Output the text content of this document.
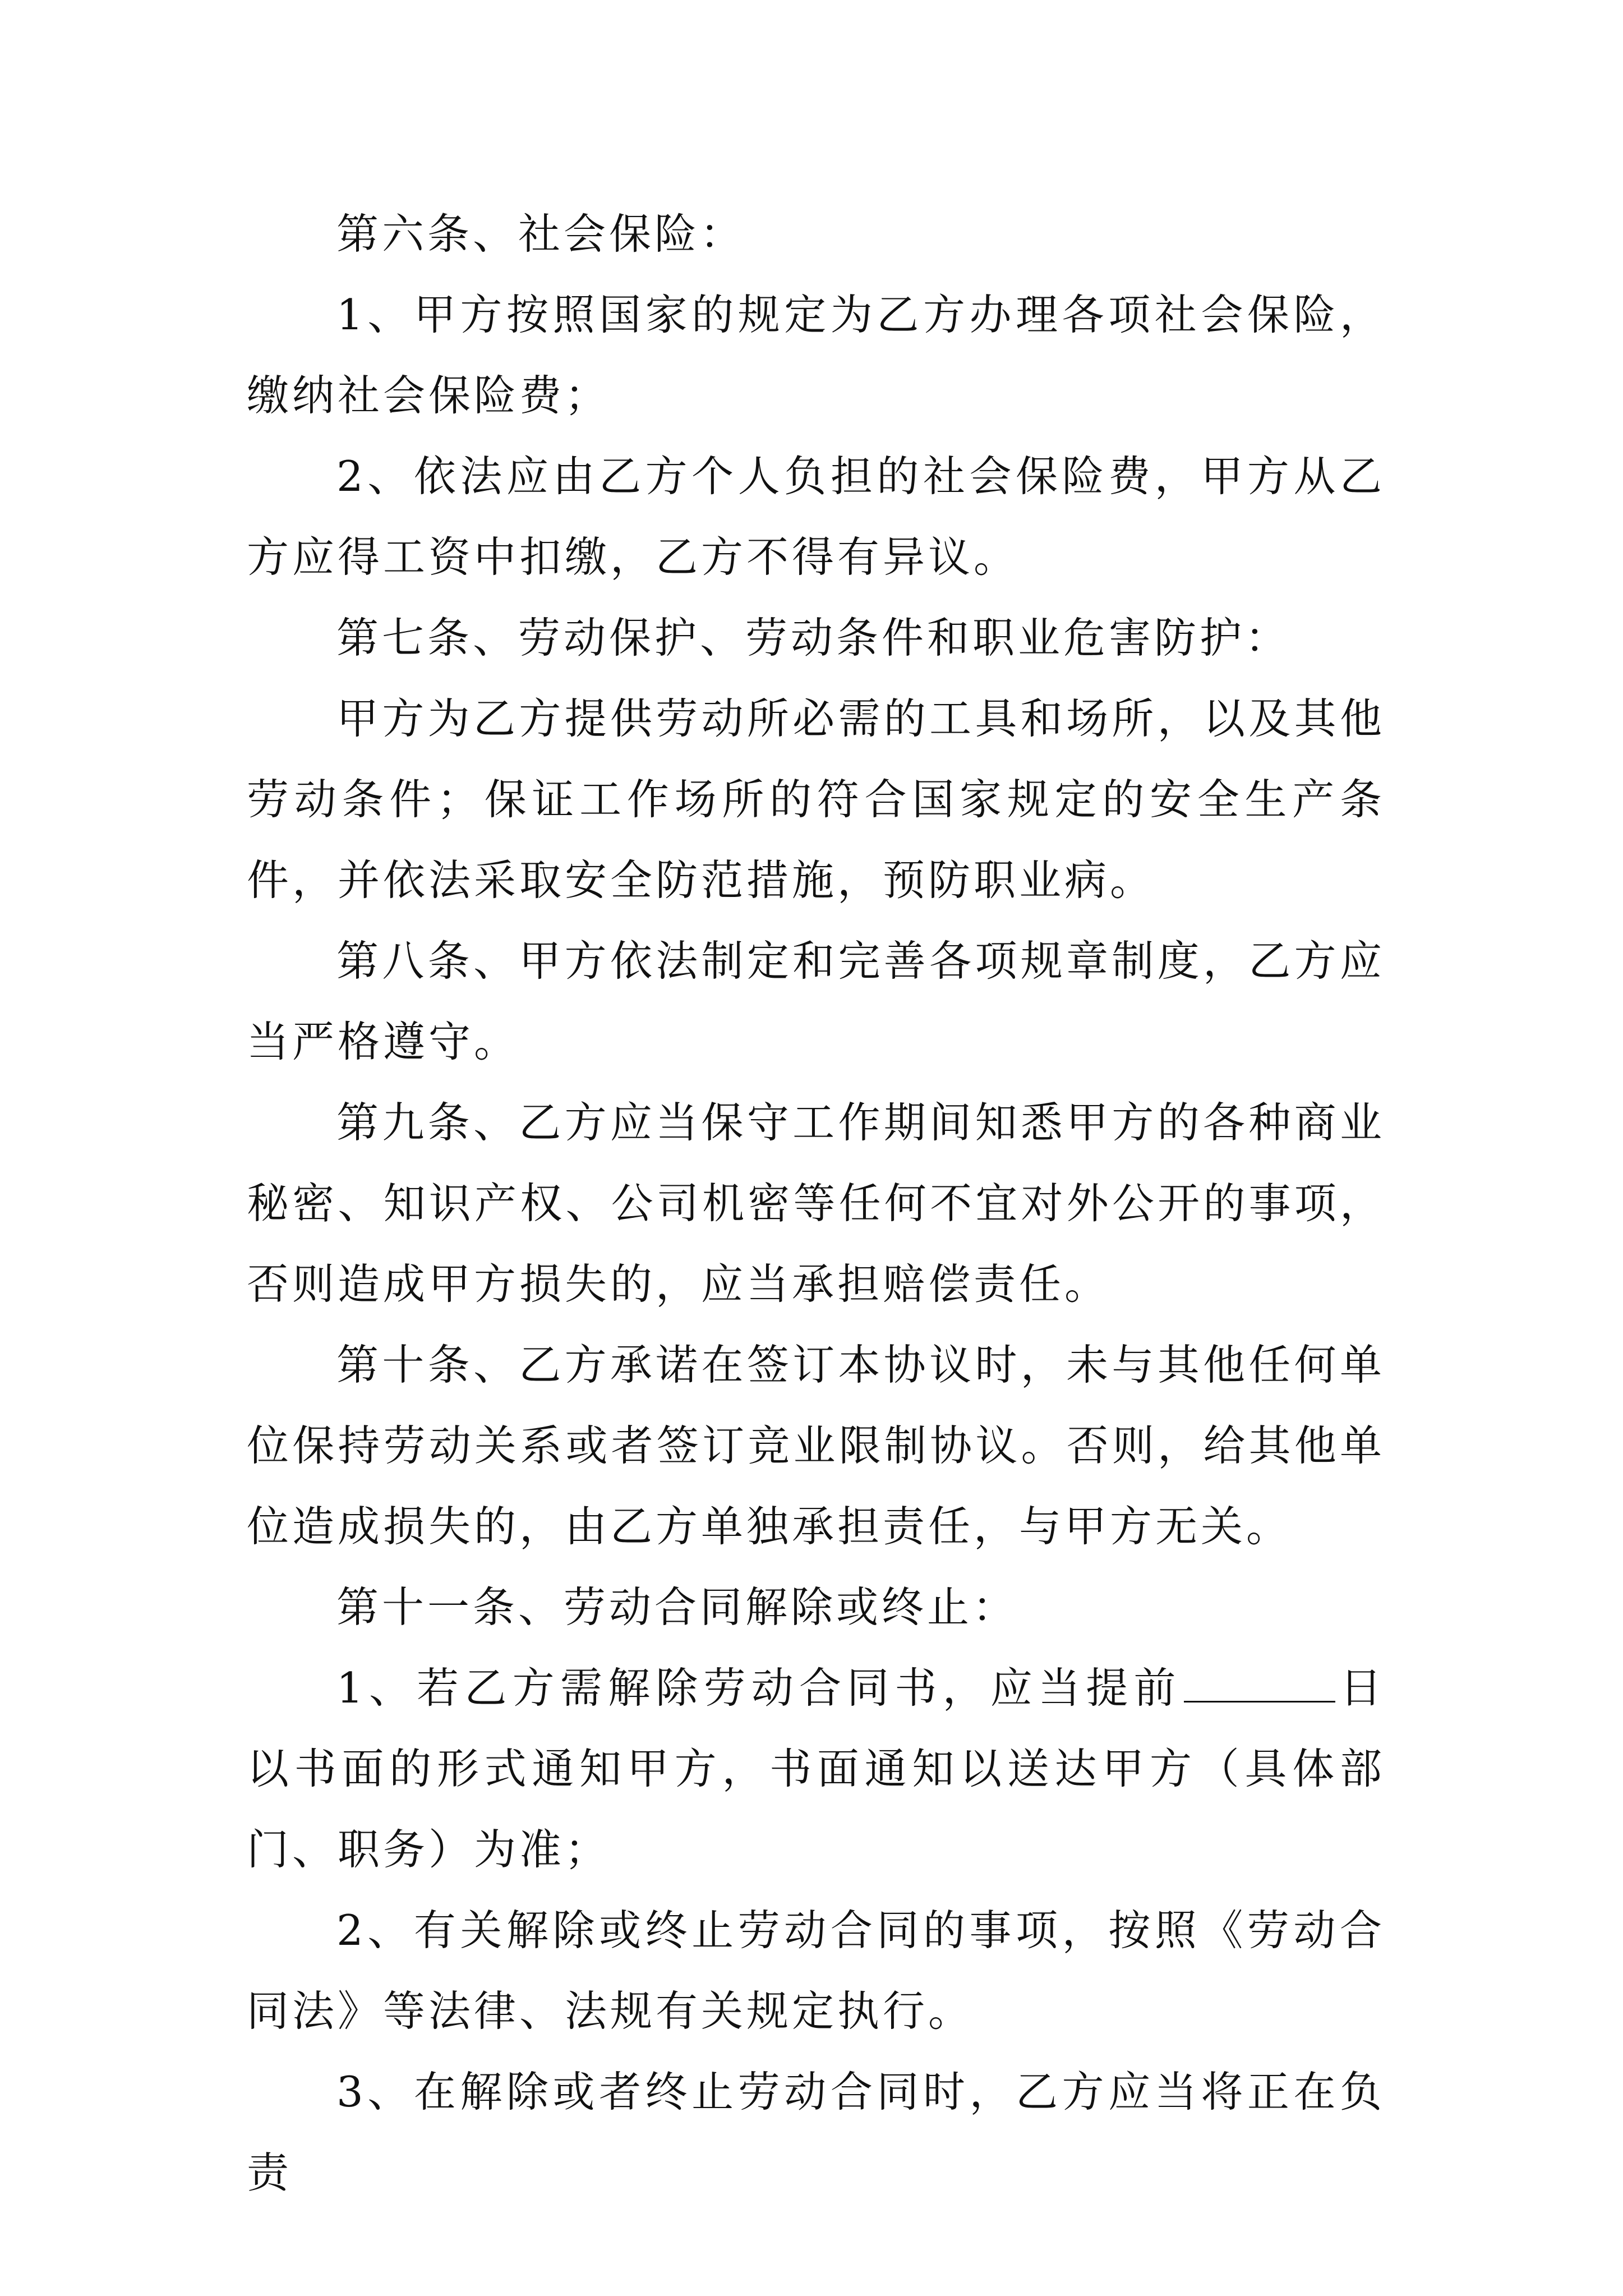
第六条、社会保险：

1、甲方按照国家的规定为乙方办理各项社会保险，缴纳社会保险费；

2、依法应由乙方个人负担的社会保险费，甲方从乙方应得工资中扣缴，乙方不得有异议。

第七条、劳动保护、劳动条件和职业危害防护：

甲方为乙方提供劳动所必需的工具和场所，以及其他劳动条件；保证工作场所的符合国家规定的安全生产条件，并依法采取安全防范措施，预防职业病。

第八条、甲方依法制定和完善各项规章制度，乙方应当严格遵守。

第九条、乙方应当保守工作期间知悉甲方的各种商业秘密、知识产权、公司机密等任何不宜对外公开的事项，否则造成甲方损失的，应当承担赔偿责任。

第十条、乙方承诺在签订本协议时，未与其他任何单位保持劳动关系或者签订竞业限制协议。否则，给其他单位造成损失的，由乙方单独承担责任，与甲方无关。

第十一条、劳动合同解除或终止：

1、若乙方需解除劳动合同书，应当提前	日以书面的形式通知甲方，书面通知以送达甲方（具体部门、职务）为准；

2、有关解除或终止劳动合同的事项，按照《劳动合同法》等法律、法规有关规定执行。

3、在解除或者终止劳动合同时，乙方应当将正在负责
